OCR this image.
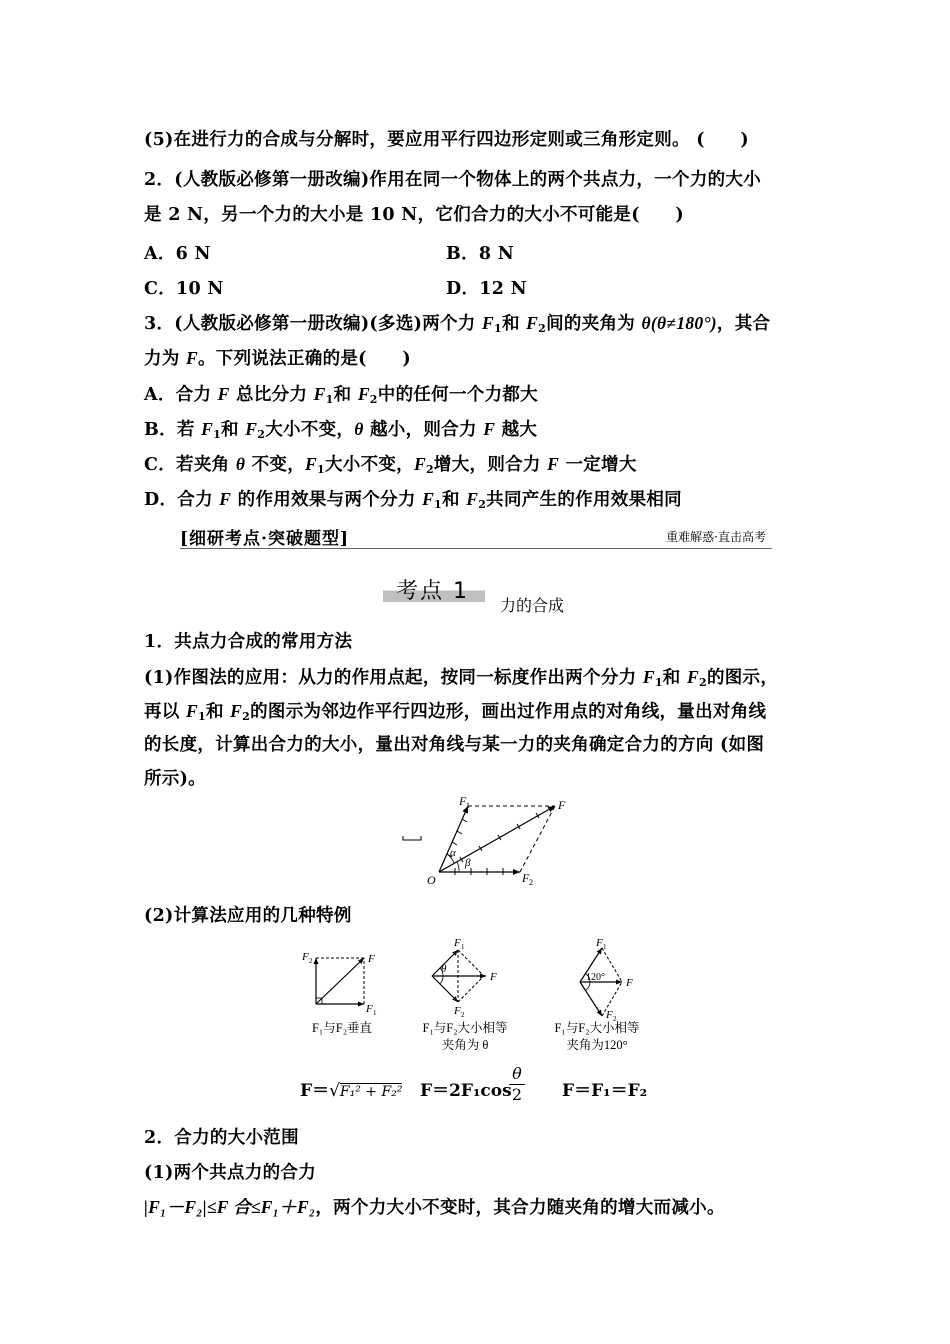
(5)在进行力的合成与分解时，要应用平行四边形定则或三角形定则。 (　　)
2．(人教版必修第一册改编)作用在同一个物体上的两个共点力，一个力的大小
是 2 N，另一个力的大小是 10 N，它们合力的大小不可能是(　　)
A．6 N	B．8 N
C．10 N	D．12 N
3．(人教版必修第一册改编)(多选)两个力 $F_1$和 $F_2$间的夹角为 θ(θ≠180°)，其合
力为 F。下列说法正确的是(　　)
A．合力 F 总比分力 $F_1$和 $F_2$中的任何一个力都大
B．若 $F_1$和 $F_2$大小不变，θ 越小，则合力 F 越大
C．若夹角 θ 不变，$F_1$大小不变，$F_2$增大，则合力 F 一定增大
D．合力 F 的作用效果与两个分力 $F_1$和 $F_2$共同产生的作用效果相同
[细研考点·突破题型]	重难解惑·直击高考
考点 1
力的合成
1．共点力合成的常用方法
(1)作图法的应用：从力的作用点起，按同一标度作出两个分力 $F_1$和 $F_2$的图示，
再以 $F_1$和 $F_2$的图示为邻边作平行四边形，画出过作用点的对角线，量出对角线
的长度，计算出合力的大小，量出对角线与某一力的夹角确定合力的方向 (如图
所示)。
F 1	F
F 2
O
α
β
(2)计算法应用的几种特例
F 2	F
F 1
F₁与F₂垂直
θ
F 1
F
F 2
F₁与F₂大小相等
夹角为 θ
120°
F 1
F
F 2
F₁与F₂大小相等
夹角为120°
F＝√F₁² + F₂² F＝2F₁cos
θ
2 F＝F₁＝F₂
2．合力的大小范围
(1)两个共点力的合力
|F₁－F₂|≤F 合≤F₁＋F₂，两个力大小不变时，其合力随夹角的增大而减小。
